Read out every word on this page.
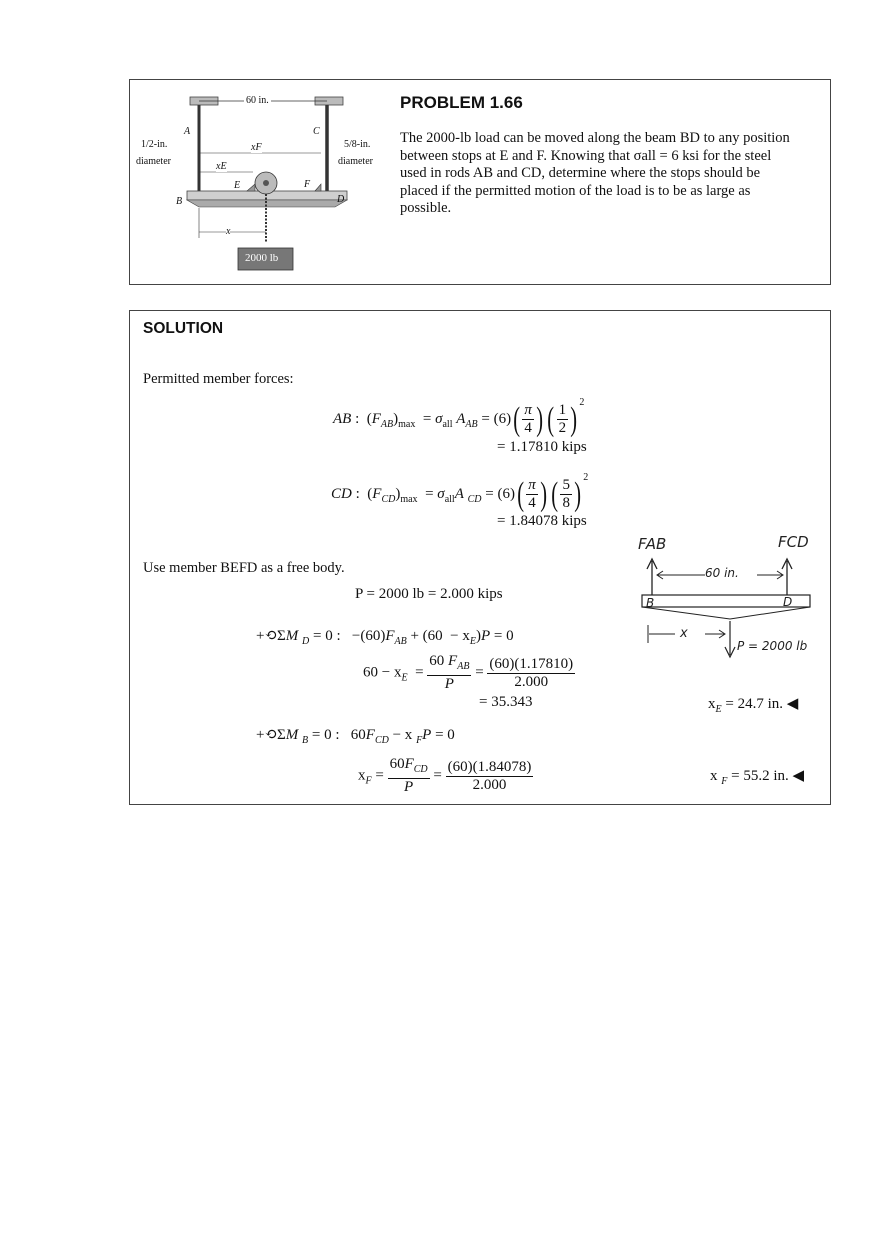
60 in.
A	C
1/2-in.
diameter
5/8-in.
diameter
xF
xE
E	F
B	D
x
2000 lb
PROBLEM 1.66
The 2000-lb load can be moved along the beam BD to any position
between stops at E and F. Knowing that σall = 6 ksi for the steel
used in rods AB and CD, determine where the stops should be
placed if the permitted motion of the load is to be as large as
possible.
SOLUTION
Permitted member forces:
AB :  $(F_{AB})_{max} = \sigma_{all}$ $A_{AB} = (6)( \frac{\pi}{4}$ ) ( $\frac{1}{2}$ ) $^2$
= 1.17810 kips
CD :  $(F_{CD})_{max} = \sigma_{all}A$ $_{CD} = (6)( \frac{\pi}{4}$ ) ( $\frac{5}{8}$ ) $^2$
= 1.84078 kips
Use member BEFD as a free body.
P = 2000 lb = 2.000 kips
+⟲ΣM $_D$ = 0 :   $-(60)F_{AB} + (60 - x_E)P = 0$
$60 - x_E = \frac{60 F_{AB}}{P} = \frac{(60)(1.17810)}{2.000}$
= 35.343	$x_E = 24.7$ in. ◀
+⟲ΣM $_B$ = 0 :   $60F_{CD} - x$ $_F$P = 0
$x_F = \frac{60F_{CD}}{P} = \frac{(60)(1.84078)}{2.000}$	x $_F$ = 55.2 in. ◀
FAB	FCD
60 in.
B	D
x
P = 2000 lb
